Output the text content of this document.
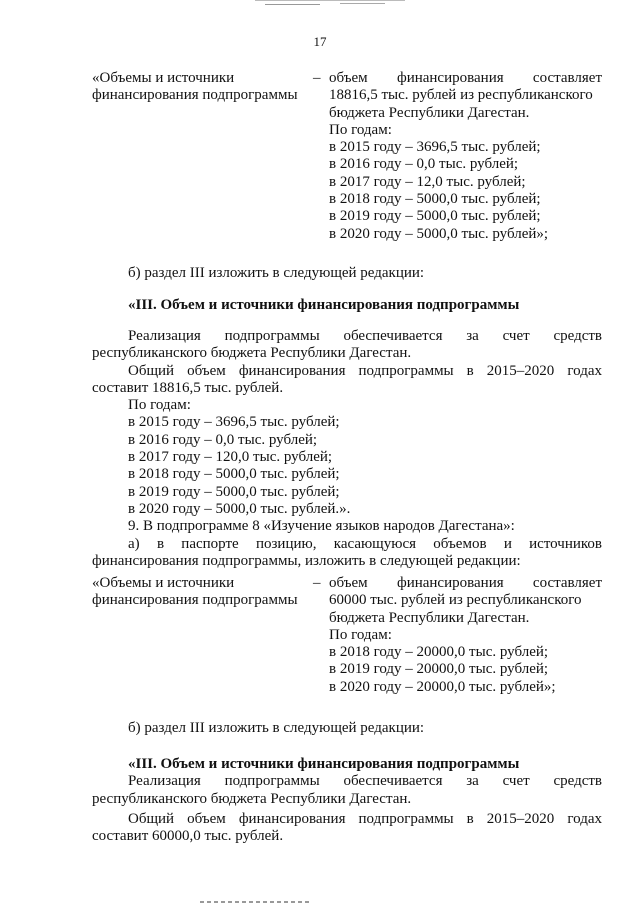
17
«Объемы и источники
финансирования подпрограммы
– объем финансирования составляет
18816,5 тыс. рублей из республиканского
бюджета Республики Дагестан.
По годам:
в 2015 году – 3696,5 тыс. рублей;
в 2016 году – 0,0 тыс. рублей;
в 2017 году – 12,0 тыс. рублей;
в 2018 году – 5000,0 тыс. рублей;
в 2019 году – 5000,0 тыс. рублей;
в 2020 году – 5000,0 тыс. рублей»;
б) раздел III изложить в следующей редакции:
«III. Объем и источники финансирования подпрограммы
Реализация подпрограммы обеспечивается за счет средств
республиканского бюджета Республики Дагестан.
Общий объем финансирования подпрограммы в 2015–2020 годах
составит 18816,5 тыс. рублей.
По годам:
в 2015 году – 3696,5 тыс. рублей;
в 2016 году – 0,0 тыс. рублей;
в 2017 году – 120,0 тыс. рублей;
в 2018 году – 5000,0 тыс. рублей;
в 2019 году – 5000,0 тыс. рублей;
в 2020 году – 5000,0 тыс. рублей.».
9. В подпрограмме 8 «Изучение языков народов Дагестана»:
а) в паспорте позицию, касающуюся объемов и источников
финансирования подпрограммы, изложить в следующей редакции:
«Объемы и источники
финансирования подпрограммы
– объем финансирования составляет
60000 тыс. рублей из республиканского
бюджета Республики Дагестан.
По годам:
в 2018 году – 20000,0 тыс. рублей;
в 2019 году – 20000,0 тыс. рублей;
в 2020 году – 20000,0 тыс. рублей»;
б) раздел III изложить в следующей редакции:
«III. Объем и источники финансирования подпрограммы
Реализация подпрограммы обеспечивается за счет средств
республиканского бюджета Республики Дагестан.
Общий объем финансирования подпрограммы в 2015–2020 годах
составит 60000,0 тыс. рублей.
